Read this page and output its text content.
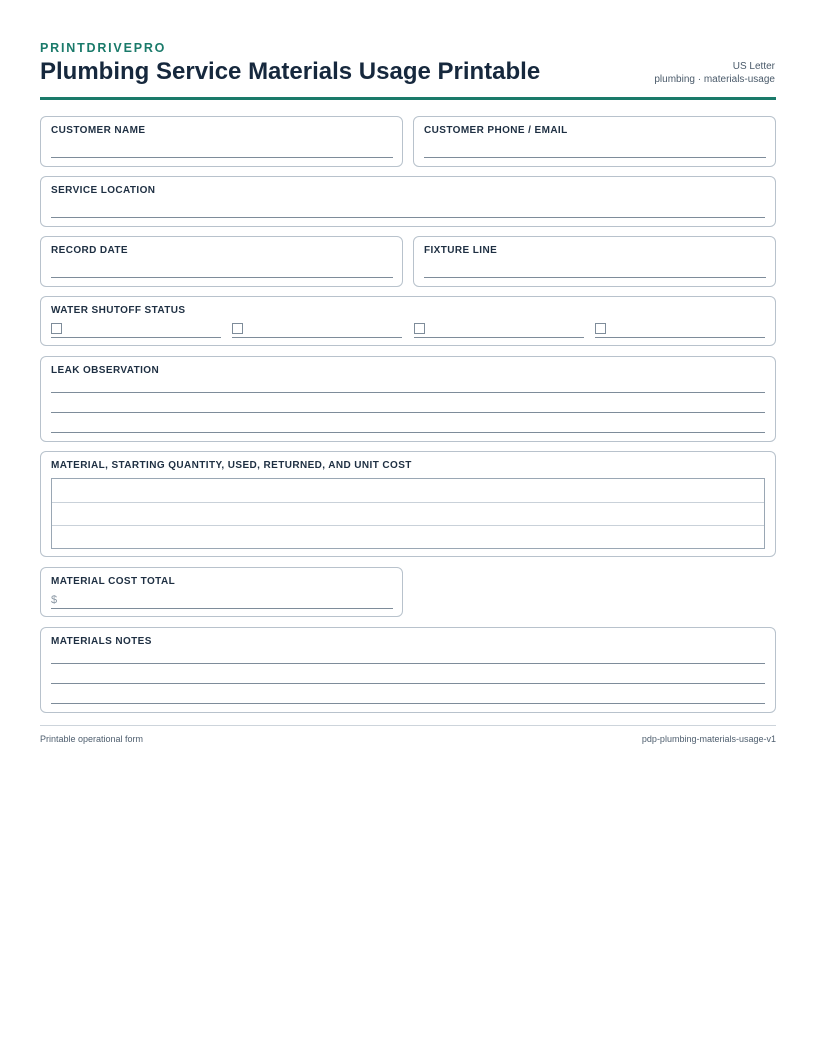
PRINTDRIVEPRO
Plumbing Service Materials Usage Printable	US Letter
plumbing · materials-usage
CUSTOMER NAME	CUSTOMER PHONE / EMAIL
SERVICE LOCATION
RECORD DATE	FIXTURE LINE
WATER SHUTOFF STATUS
LEAK OBSERVATION
MATERIAL, STARTING QUANTITY, USED, RETURNED, AND UNIT COST
MATERIAL COST TOTAL
$
MATERIALS NOTES
Printable operational form	pdp-plumbing-materials-usage-v1
